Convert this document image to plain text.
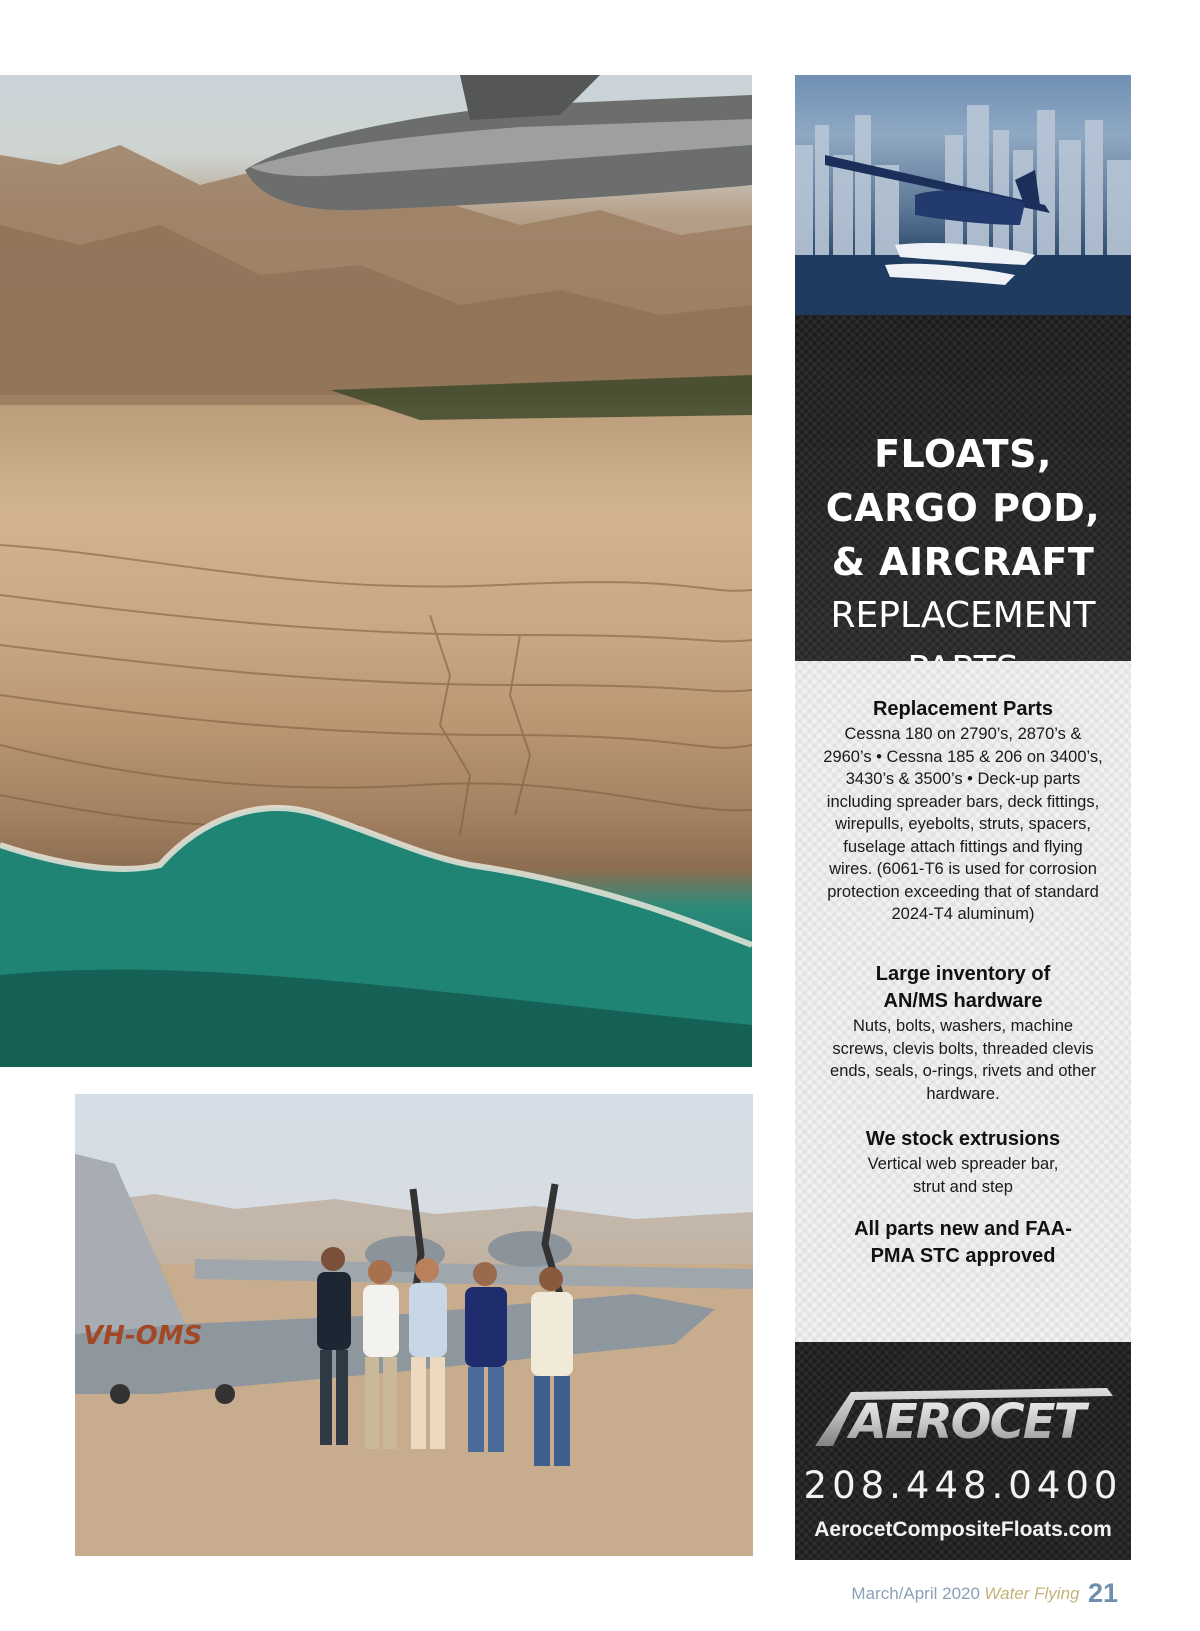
VH-OMS
FLOATS,
CARGO POD,
& AIRCRAFT
REPLACEMENT
Replacement Parts

Cessna 180 on 2790’s, 2870’s & 2960’s • Cessna 185 & 206 on 3400’s, 3430’s & 3500’s • Deck-up parts including spreader bars, deck fittings, wirepulls, eyebolts, struts, spacers, fuselage attach fittings and flying wires. (6061-T6 is used for corrosion protection exceeding that of standard 2024-T4 aluminum)

Large inventory of AN/MS hardware

Nuts, bolts, washers, machine screws, clevis bolts, threaded clevis ends, seals, o-rings, rivets and other hardware.

We stock extrusions

Vertical web spreader bar, strut and step

All parts new and FAA-PMA STC approved
AEROCET
208.448.0400
AerocetCompositeFloats.com
March/April 2020 Water Flying 21
